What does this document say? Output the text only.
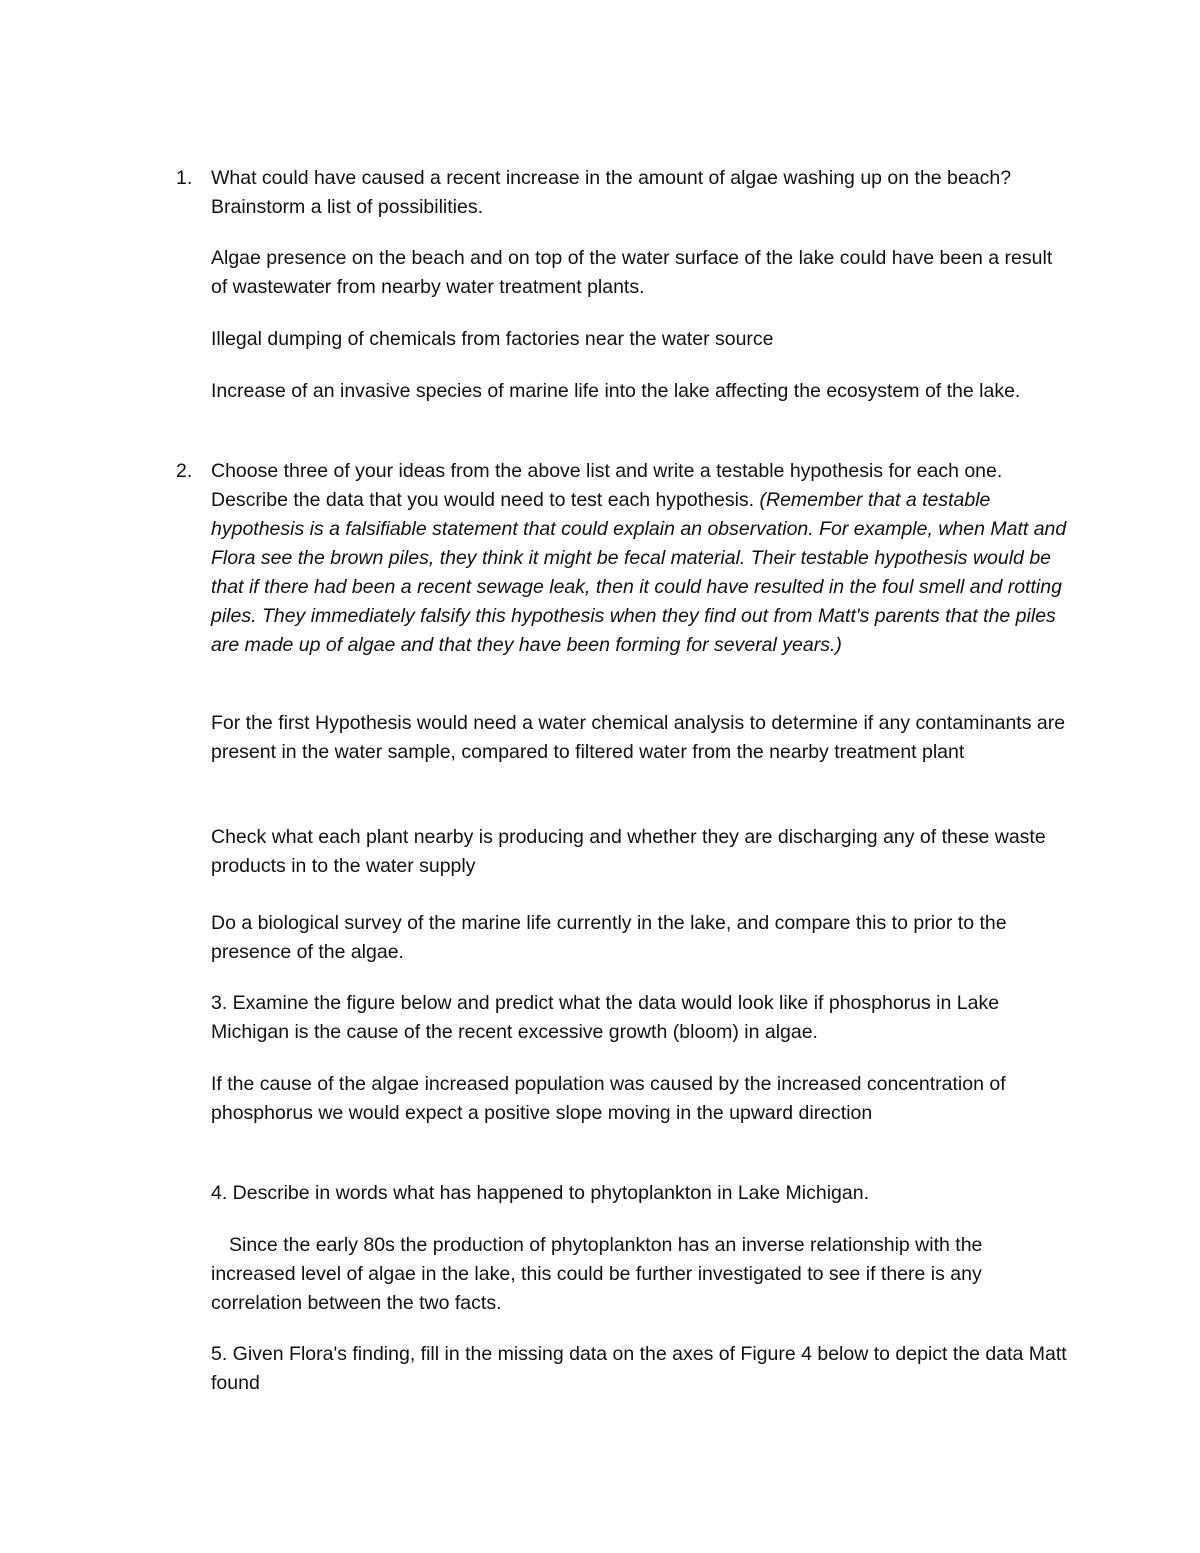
1. What could have caused a recent increase in the amount of algae washing up on the beach? Brainstorm a list of possibilities.

Algae presence on the beach and on top of the water surface of the lake could have been a result of wastewater from nearby water treatment plants.

Illegal dumping of chemicals from factories near the water source

Increase of an invasive species of marine life into the lake affecting the ecosystem of the lake.

2. Choose three of your ideas from the above list and write a testable hypothesis for each one. Describe the data that you would need to test each hypothesis. (Remember that a testable hypothesis is a falsifiable statement that could explain an observation. For example, when Matt and Flora see the brown piles, they think it might be fecal material. Their testable hypothesis would be that if there had been a recent sewage leak, then it could have resulted in the foul smell and rotting piles. They immediately falsify this hypothesis when they find out from Matt's parents that the piles are made up of algae and that they have been forming for several years.)

For the first Hypothesis would need a water chemical analysis to determine if any contaminants are present in the water sample, compared to filtered water from the nearby treatment plant

Check what each plant nearby is producing and whether they are discharging any of these waste products in to the water supply

Do a biological survey of the marine life currently in the lake, and compare this to prior to the presence of the algae.

3. Examine the figure below and predict what the data would look like if phosphorus in Lake Michigan is the cause of the recent excessive growth (bloom) in algae.

If the cause of the algae increased population was caused by the increased concentration of phosphorus we would expect a positive slope moving in the upward direction

4. Describe in words what has happened to phytoplankton in Lake Michigan.

Since the early 80s the production of phytoplankton has an inverse relationship with the increased level of algae in the lake, this could be further investigated to see if there is any correlation between the two facts.

5. Given Flora's finding, fill in the missing data on the axes of Figure 4 below to depict the data Matt found
